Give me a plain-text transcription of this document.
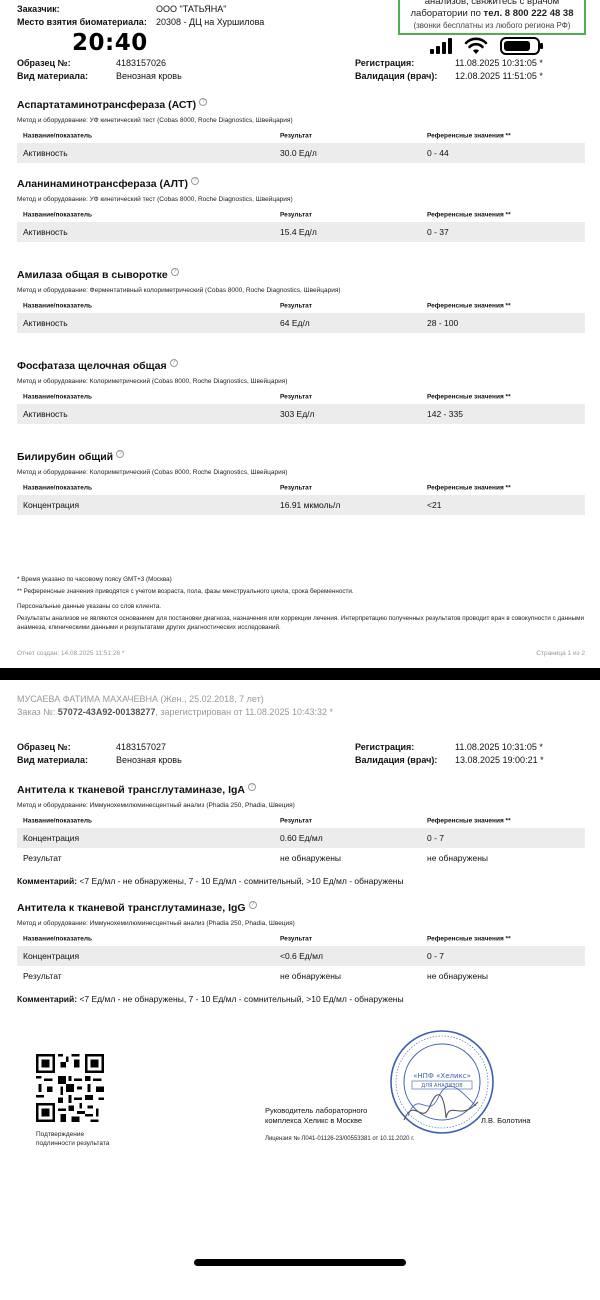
Заказчик:	ООО "ТАТЬЯНА"
Место взятия биоматериала: 20308 - ДЦ на Хуршилова
анализов, свяжитесь с врачом
лаборатории по тел. 8 800 222 48 38
(звонки бесплатны из любого региона РФ)
20:40
Образец №:	4183157026
Вид материала:	Венозная кровь
Регистрация:	11.08.2025 10:31:05 *
Валидация (врач): 12.08.2025 11:51:05 *
Аспартатаминотрансфераза (АСТ) ?
Метод и оборудование: УФ кинетический тест (Cobas 8000, Roche Diagnostics, Швейцария)
Название/показатель	Результат	Референсные значения **
Активность	30.0 Ед/л	0 - 44
Аланинаминотрансфераза (АЛТ) ?
Метод и оборудование: УФ кинетический тест (Cobas 8000, Roche Diagnostics, Швейцария)
Название/показатель	Результат	Референсные значения **
Активность	15.4 Ед/л	0 - 37
Амилаза общая в сыворотке ?
Метод и оборудование: Ферментативный колориметрический (Cobas 8000, Roche Diagnostics, Швейцария)
Название/показатель	Результат	Референсные значения **
Активность	64 Ед/л	28 - 100
Фосфатаза щелочная общая ?
Метод и оборудование: Колориметрический (Cobas 8000, Roche Diagnostics, Швейцария)
Название/показатель	Результат	Референсные значения **
Активность	303 Ед/л	142 - 335
Билирубин общий ?
Метод и оборудование: Колориметрический (Cobas 8000, Roche Diagnostics, Швейцария)
Название/показатель	Результат	Референсные значения **
Концентрация	16.91 мкмоль/л	<21

* Время указано по часовому поясу GMT+3 (Москва)

** Референсные значения приводятся с учетом возраста, пола, фазы менструального цикла, срока беременности.

Персональные данные указаны со слов клиента.

Результаты анализов не являются основанием для постановки диагноза, назначения или коррекции лечения. Интерпретацию полученных результатов проводит врач в совокупности с данными анамнеза, клиническими данными и результатами других диагностических исследований.

Отчет создан: 14.08.2025 11:51:26 *	Страница 1 из 2
МУСАЕВА ФАТИМА МАХАЧЕВНА (Жен., 25.02.2018, 7 лет)
Заказ №: 57072-43А92-00138277, зарегистрирован от 11.08.2025 10:43:32 *
Образец №:	4183157027
Вид материала:	Венозная кровь
Регистрация:	11.08.2025 10:31:05 *
Валидация (врач): 13.08.2025 19:00:21 *
Антитела к тканевой трансглутаминазе, IgA ?
Метод и оборудование: Иммунохемилюминесцентный анализ (Phadia 250, Phadia, Швеция)
Название/показатель	Результат	Референсные значения **
Концентрация	0.60 Ед/мл	0 - 7
Результат	не обнаружены	не обнаружены
Комментарий: <7 Ед/мл - не обнаружены, 7 - 10 Ед/мл - сомнительный, >10 Ед/мл - обнаружены
Антитела к тканевой трансглутаминазе, IgG ?
Метод и оборудование: Иммунохемилюминесцентный анализ (Phadia 250, Phadia, Швеция)
Название/показатель	Результат	Референсные значения **
Концентрация	<0.6 Ед/мл	0 - 7
Результат	не обнаружены	не обнаружены
Комментарий: <7 Ед/мл - не обнаружены, 7 - 10 Ед/мл - сомнительный, >10 Ед/мл - обнаружены
Подтверждение
подлинности результата
«НПФ «Хеликс»
ДЛЯ АНАЛИЗОВ
Руководитель лабораторного
комплекса Хеликс в Москве	Л.В. Болотина
Лицензия № Л041-01126-23/00553381 от 10.11.2020 г.
